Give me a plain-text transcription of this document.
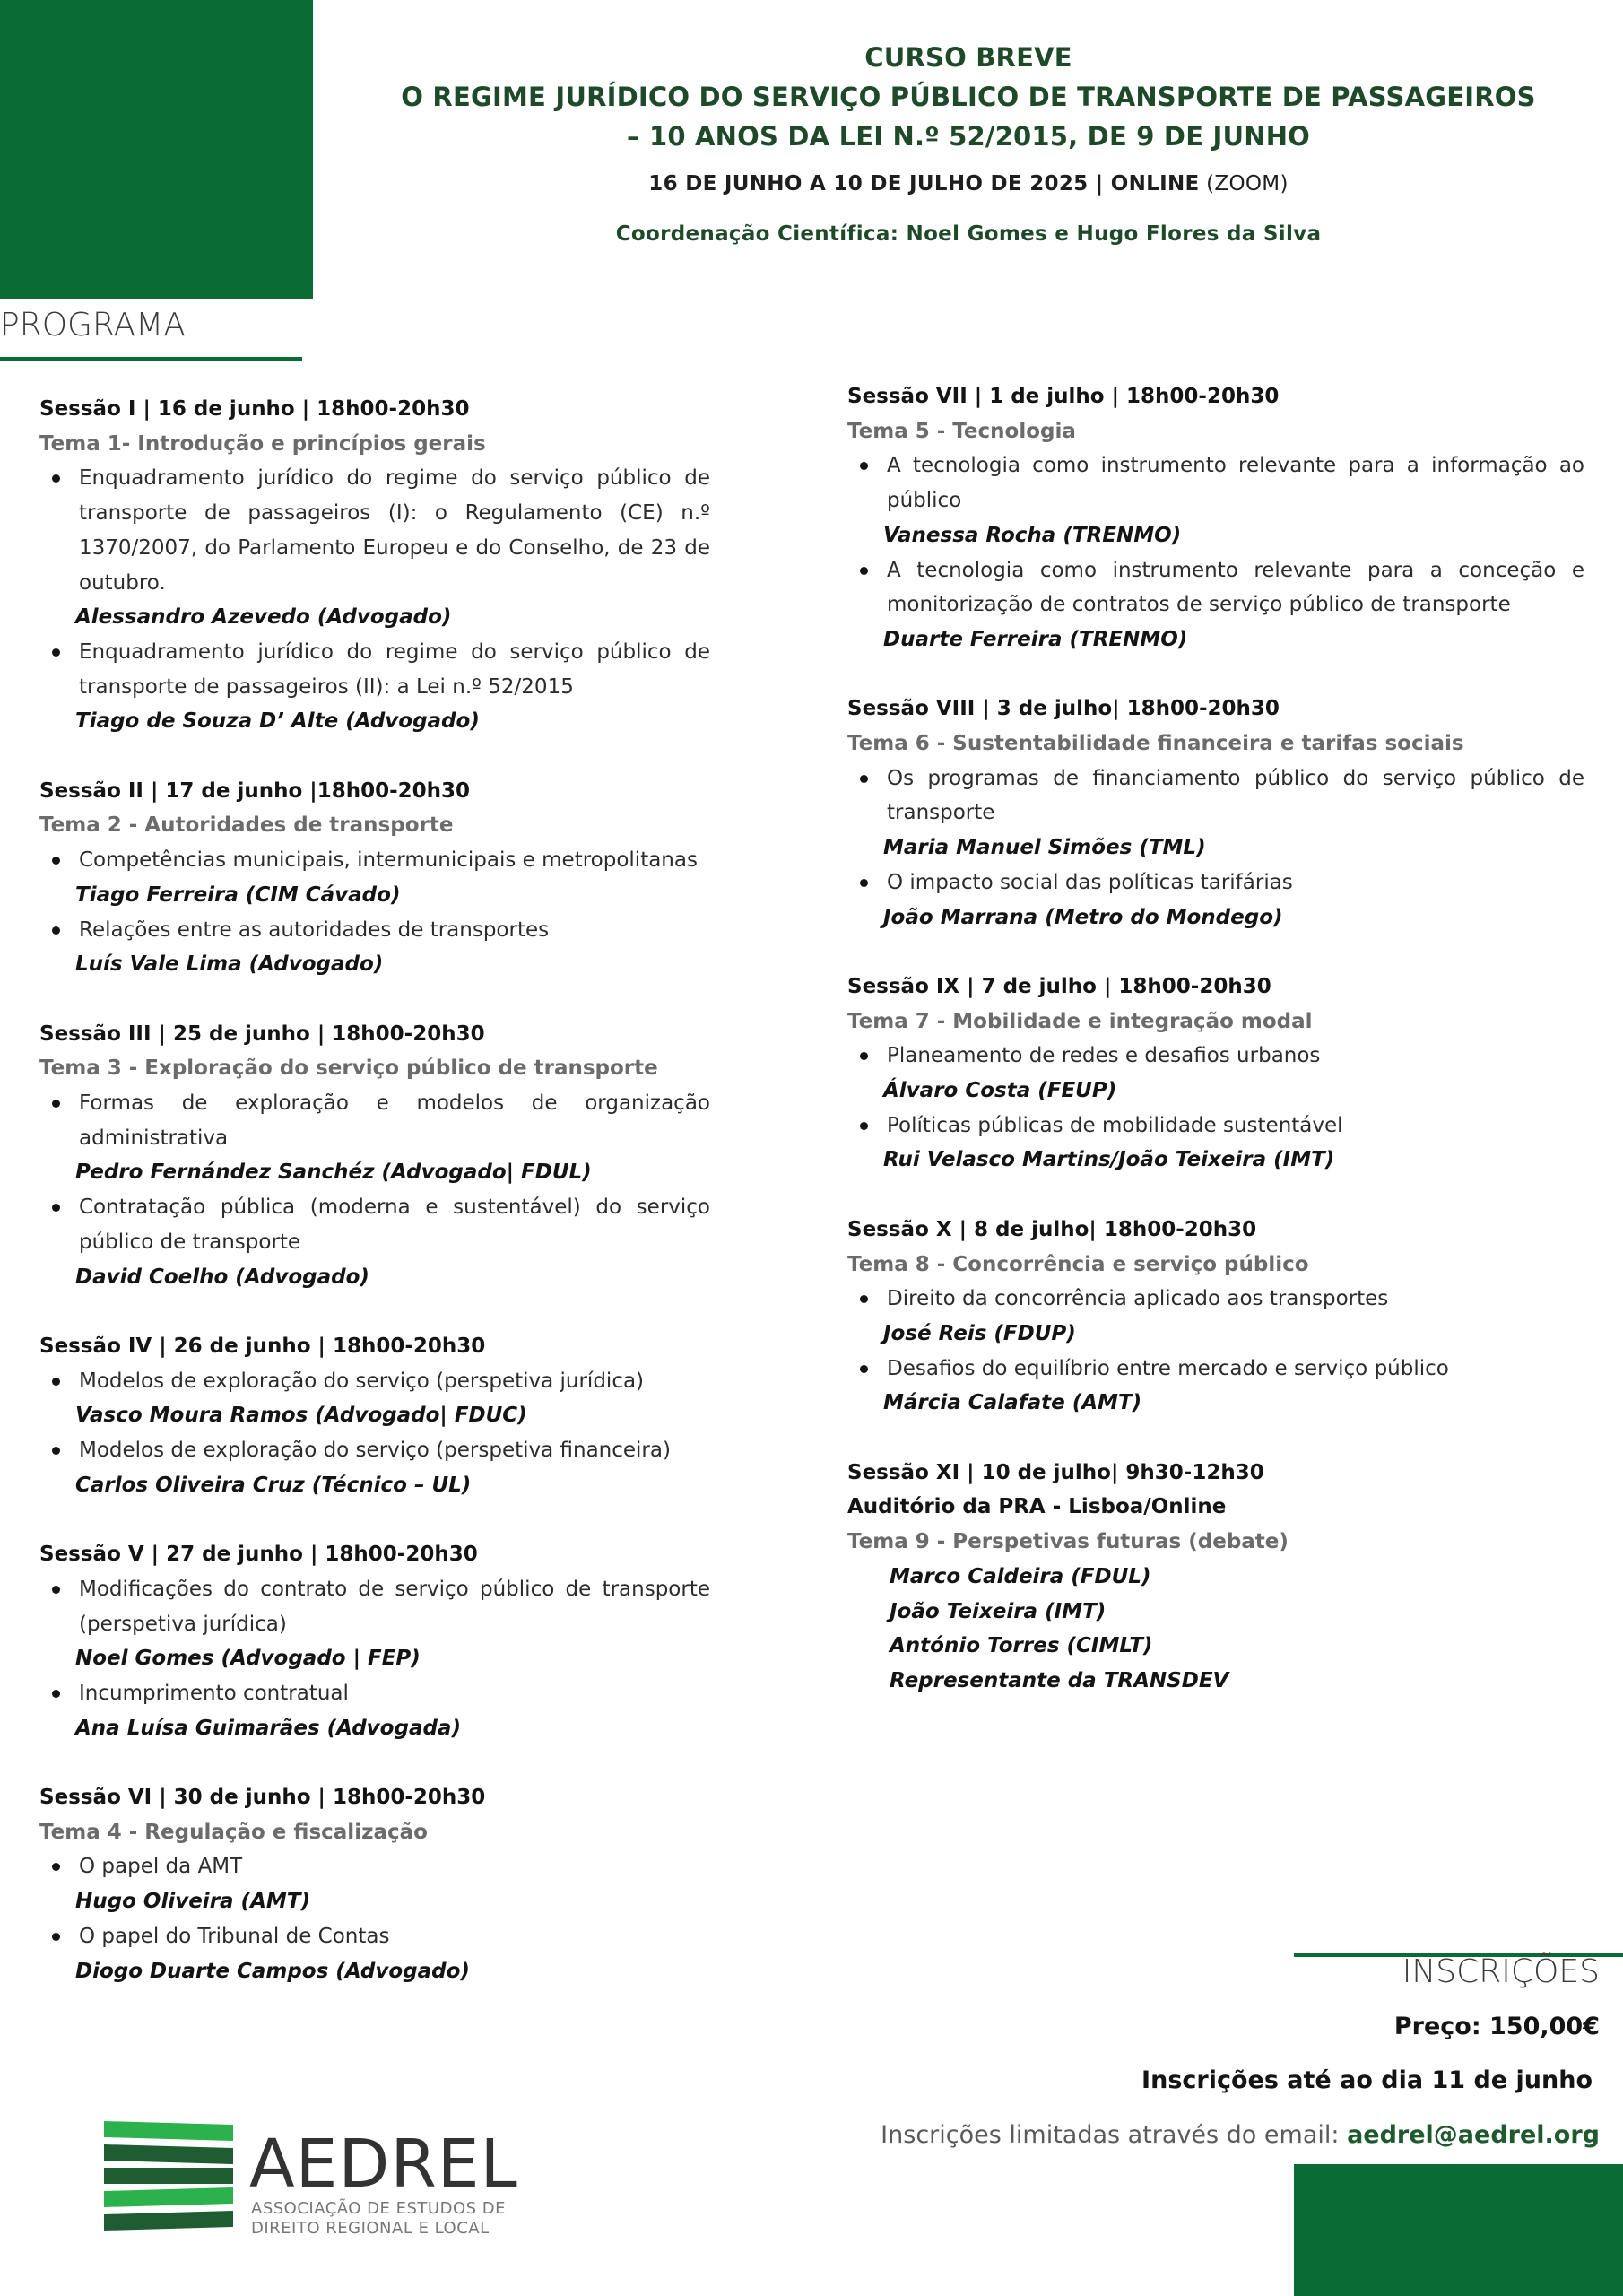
CURSO BREVE
O REGIME JURÍDICO DO SERVIÇO PÚBLICO DE TRANSPORTE DE PASSAGEIROS
– 10 ANOS DA LEI N.º 52/2015, DE 9 DE JUNHO
16 DE JUNHO A 10 DE JULHO DE 2025 | ONLINE (ZOOM)
Coordenação Científica: Noel Gomes e Hugo Flores da Silva
PROGRAMA
Sessão I | 16 de junho | 18h00-20h30
Tema 1- Introdução e princípios gerais
Enquadramento jurídico do regime do serviço público de transporte de passageiros (I): o Regulamento (CE) n.º 1370/2007, do Parlamento Europeu e do Conselho, de 23 de outubro.
Alessandro Azevedo (Advogado)
Enquadramento jurídico do regime do serviço público de transporte de passageiros (II): a Lei n.º 52/2015
Tiago de Souza D’ Alte (Advogado)
Sessão II | 17 de junho |18h00-20h30
Tema 2 - Autoridades de transporte
Competências municipais, intermunicipais e metropolitanas
Tiago Ferreira (CIM Cávado)
Relações entre as autoridades de transportes
Luís Vale Lima (Advogado)
Sessão III | 25 de junho | 18h00-20h30
Tema 3 - Exploração do serviço público de transporte
Formas de exploração e modelos de organização administrativa
Pedro Fernández Sanchéz (Advogado| FDUL)
Contratação pública (moderna e sustentável) do serviço público de transporte
David Coelho (Advogado)
Sessão IV | 26 de junho | 18h00-20h30
Modelos de exploração do serviço (perspetiva jurídica)
Vasco Moura Ramos (Advogado| FDUC)
Modelos de exploração do serviço (perspetiva financeira)
Carlos Oliveira Cruz (Técnico – UL)
Sessão V | 27 de junho | 18h00-20h30
Modificações do contrato de serviço público de transporte (perspetiva jurídica)
Noel Gomes (Advogado | FEP)
Incumprimento contratual
Ana Luísa Guimarães (Advogada)
Sessão VI | 30 de junho | 18h00-20h30
Tema 4 - Regulação e fiscalização
O papel da AMT
Hugo Oliveira (AMT)
O papel do Tribunal de Contas
Diogo Duarte Campos (Advogado)
Sessão VII | 1 de julho | 18h00-20h30
Tema 5 - Tecnologia
A tecnologia como instrumento relevante para a informação ao público
Vanessa Rocha (TRENMO)
A tecnologia como instrumento relevante para a conceção e monitorização de contratos de serviço público de transporte
Duarte Ferreira (TRENMO)
Sessão VIII | 3 de julho| 18h00-20h30
Tema 6 - Sustentabilidade financeira e tarifas sociais
Os programas de financiamento público do serviço público de transporte
Maria Manuel Simões (TML)
O impacto social das políticas tarifárias
João Marrana (Metro do Mondego)
Sessão IX | 7 de julho | 18h00-20h30
Tema 7 - Mobilidade e integração modal
Planeamento de redes e desafios urbanos
Álvaro Costa (FEUP)
Políticas públicas de mobilidade sustentável
Rui Velasco Martins/João Teixeira (IMT)
Sessão X | 8 de julho| 18h00-20h30
Tema 8 - Concorrência e serviço público
Direito da concorrência aplicado aos transportes
José Reis (FDUP)
Desafios do equilíbrio entre mercado e serviço público
Márcia Calafate (AMT)
Sessão XI | 10 de julho| 9h30-12h30
Auditório da PRA - Lisboa/Online
Tema 9 - Perspetivas futuras (debate)
Marco Caldeira (FDUL)
João Teixeira (IMT)
António Torres (CIMLT)
Representante da TRANSDEV
INSCRIÇÕES
Preço: 150,00€
Inscrições até ao dia 11 de junho
Inscrições limitadas através do email: aedrel@aedrel.org
AEDREL
ASSOCIAÇÃO DE ESTUDOS DE
DIREITO REGIONAL E LOCAL
